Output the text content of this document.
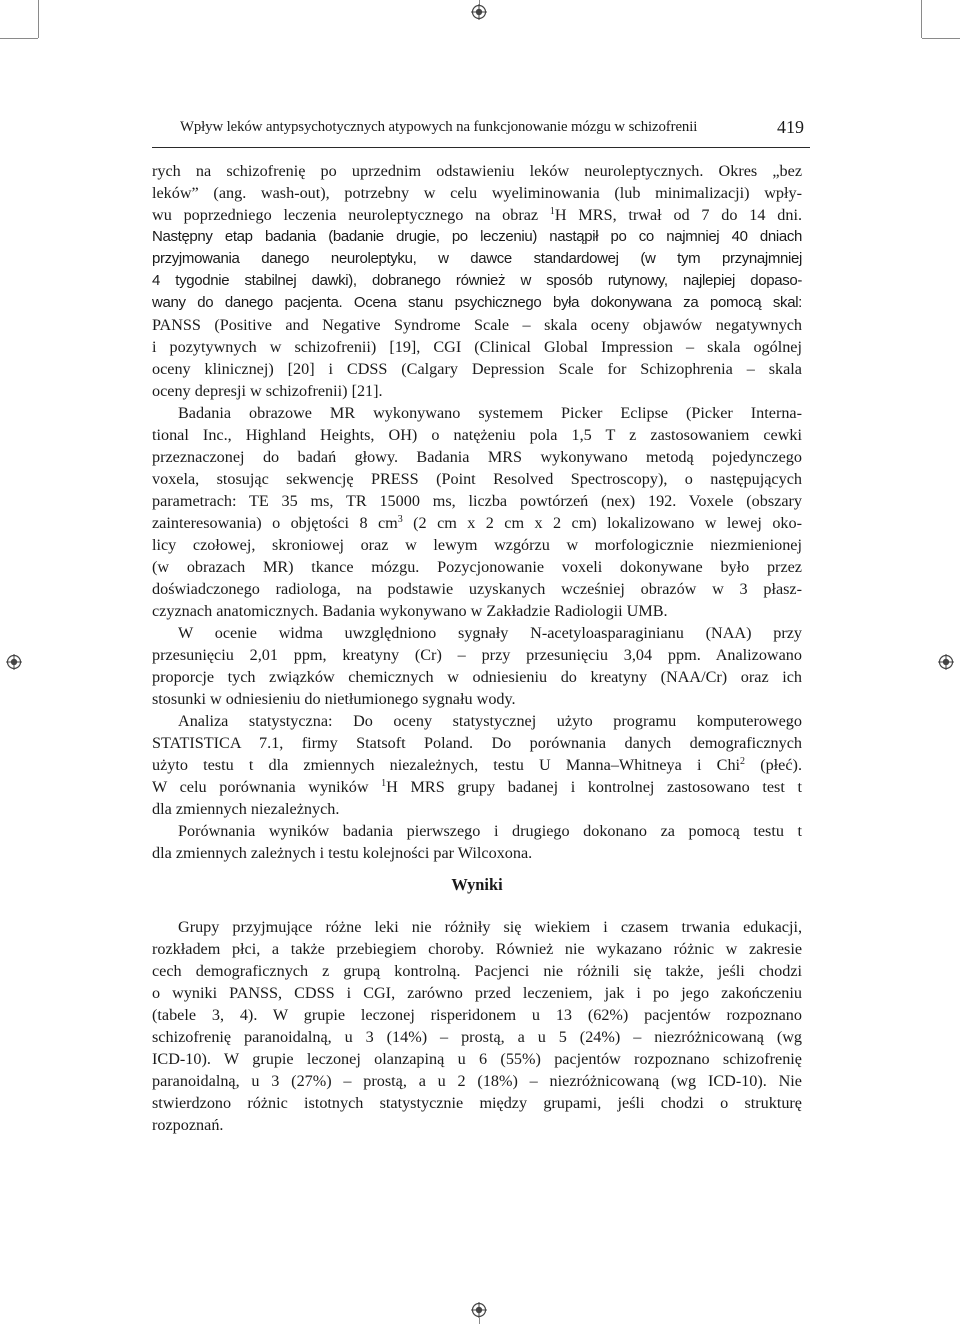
Wpływ leków antypsychotycznych atypowych na funkcjonowanie mózgu w schizofrenii	419
rych na schizofrenię po uprzednim odstawieniu leków neuroleptycznych. Okres „bez
leków” (ang. wash-out), potrzebny w celu wyeliminowania (lub minimalizacji) wpły-
wu poprzedniego leczenia neuroleptycznego na obraz $^1$H MRS, trwał od 7 do 14 dni.
Następny etap badania (badanie drugie, po leczeniu) nastąpił po co najmniej 40 dniach
przyjmowania danego neuroleptyku, w dawce standardowej (w tym przynajmniej
4 tygodnie stabilnej dawki), dobranego również w sposób rutynowy, najlepiej dopaso-
wany do danego pacjenta. Ocena stanu psychicznego była dokonywana za pomocą skal:
PANSS (Positive and Negative Syndrome Scale – skala oceny objawów negatywnych
i pozytywnych w schizofrenii) [19], CGI (Clinical Global Impression – skala ogólnej
oceny klinicznej) [20] i CDSS (Calgary Depression Scale for Schizophrenia – skala
oceny depresji w schizofrenii) [21].
Badania obrazowe MR wykonywano systemem Picker Eclipse (Picker Interna-
tional Inc., Highland Heights, OH) o natężeniu pola 1,5 T z zastosowaniem cewki
przeznaczonej do badań głowy. Badania MRS wykonywano metodą pojedynczego
voxela, stosując sekwencję PRESS (Point Resolved Spectroscopy), o następujących
parametrach: TE 35 ms, TR 15000 ms, liczba powtórzeń (nex) 192. Voxele (obszary
zainteresowania) o objętości 8 $cm^3$ (2 cm x 2 cm x 2 cm) lokalizowano w lewej oko-
licy czołowej, skroniowej oraz w lewym wzgórzu w morfologicznie niezmienionej
(w obrazach MR) tkance mózgu. Pozycjonowanie voxeli dokonywane było przez
doświadczonego radiologa, na podstawie uzyskanych wcześniej obrazów w 3 płasz-
czyznach anatomicznych. Badania wykonywano w Zakładzie Radiologii UMB.
W ocenie widma uwzględniono sygnały N-acetyloasparaginianu (NAA) przy
przesunięciu 2,01 ppm, kreatyny (Cr) – przy przesunięciu 3,04 ppm. Analizowano
proporcje tych związków chemicznych w odniesieniu do kreatyny (NAA/Cr) oraz ich
stosunki w odniesieniu do nietłumionego sygnału wody.
Analiza statystyczna: Do oceny statystycznej użyto programu komputerowego
STATISTICA 7.1, firmy Statsoft Poland. Do porównania danych demograficznych
użyto testu t dla zmiennych niezależnych, testu U Manna–Whitneya i Chi$^2$ (płeć).
W celu porównania wyników $^1$H MRS grupy badanej i kontrolnej zastosowano test t
dla zmiennych niezależnych.
Porównania wyników badania pierwszego i drugiego dokonano za pomocą testu t
dla zmiennych zależnych i testu kolejności par Wilcoxona.
Wyniki
Grupy przyjmujące różne leki nie różniły się wiekiem i czasem trwania edukacji,
rozkładem płci, a także przebiegiem choroby. Również nie wykazano różnic w zakresie
cech demograficznych z grupą kontrolną. Pacjenci nie różnili się także, jeśli chodzi
o wyniki PANSS, CDSS i CGI, zarówno przed leczeniem, jak i po jego zakończeniu
(tabele 3, 4). W grupie leczonej risperidonem u 13 (62%) pacjentów rozpoznano
schizofrenię paranoidalną, u 3 (14%) – prostą, a u 5 (24%) – niezróżnicowaną (wg
ICD-10). W grupie leczonej olanzapiną u 6 (55%) pacjentów rozpoznano schizofrenię
paranoidalną, u 3 (27%) – prostą, a u 2 (18%) – niezróżnicowaną (wg ICD-10). Nie
stwierdzono różnic istotnych statystycznie między grupami, jeśli chodzi o strukturę
rozpoznań.
